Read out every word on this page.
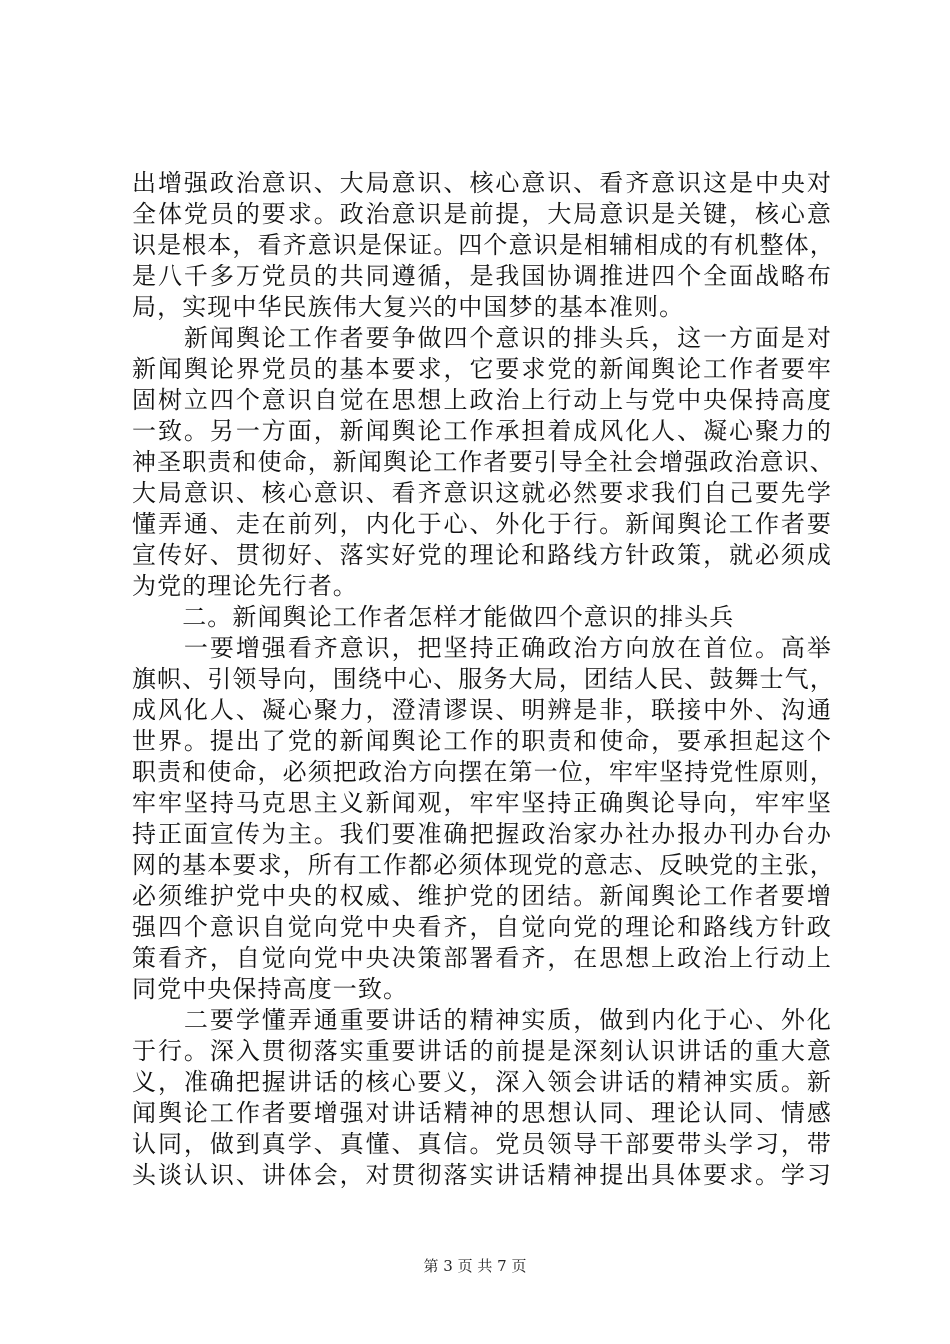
出增强政治意识、大局意识、核心意识、看齐意识这是中央对
全体党员的要求。政治意识是前提，大局意识是关键，核心意
识是根本，看齐意识是保证。四个意识是相辅相成的有机整体，
是八千多万党员的共同遵循，是我国协调推进四个全面战略布
局，实现中华民族伟大复兴的中国梦的基本准则。
　　新闻舆论工作者要争做四个意识的排头兵，这一方面是对
新闻舆论界党员的基本要求，它要求党的新闻舆论工作者要牢
固树立四个意识自觉在思想上政治上行动上与党中央保持高度
一致。另一方面，新闻舆论工作承担着成风化人、凝心聚力的
神圣职责和使命，新闻舆论工作者要引导全社会增强政治意识、
大局意识、核心意识、看齐意识这就必然要求我们自己要先学
懂弄通、走在前列，内化于心、外化于行。新闻舆论工作者要
宣传好、贯彻好、落实好党的理论和路线方针政策，就必须成
为党的理论先行者。
　　二。新闻舆论工作者怎样才能做四个意识的排头兵
　　一要增强看齐意识，把坚持正确政治方向放在首位。高举
旗帜、引领导向，围绕中心、服务大局，团结人民、鼓舞士气，
成风化人、凝心聚力，澄清谬误、明辨是非，联接中外、沟通
世界。提出了党的新闻舆论工作的职责和使命，要承担起这个
职责和使命，必须把政治方向摆在第一位，牢牢坚持党性原则，
牢牢坚持马克思主义新闻观，牢牢坚持正确舆论导向，牢牢坚
持正面宣传为主。我们要准确把握政治家办社办报办刊办台办
网的基本要求，所有工作都必须体现党的意志、反映党的主张，
必须维护党中央的权威、维护党的团结。新闻舆论工作者要增
强四个意识自觉向党中央看齐，自觉向党的理论和路线方针政
策看齐，自觉向党中央决策部署看齐，在思想上政治上行动上
同党中央保持高度一致。
　　二要学懂弄通重要讲话的精神实质，做到内化于心、外化
于行。深入贯彻落实重要讲话的前提是深刻认识讲话的重大意
义，准确把握讲话的核心要义，深入领会讲话的精神实质。新
闻舆论工作者要增强对讲话精神的思想认同、理论认同、情感
认同，做到真学、真懂、真信。党员领导干部要带头学习，带
头谈认识、讲体会，对贯彻落实讲话精神提出具体要求。学习
第 3 页 共 7 页
